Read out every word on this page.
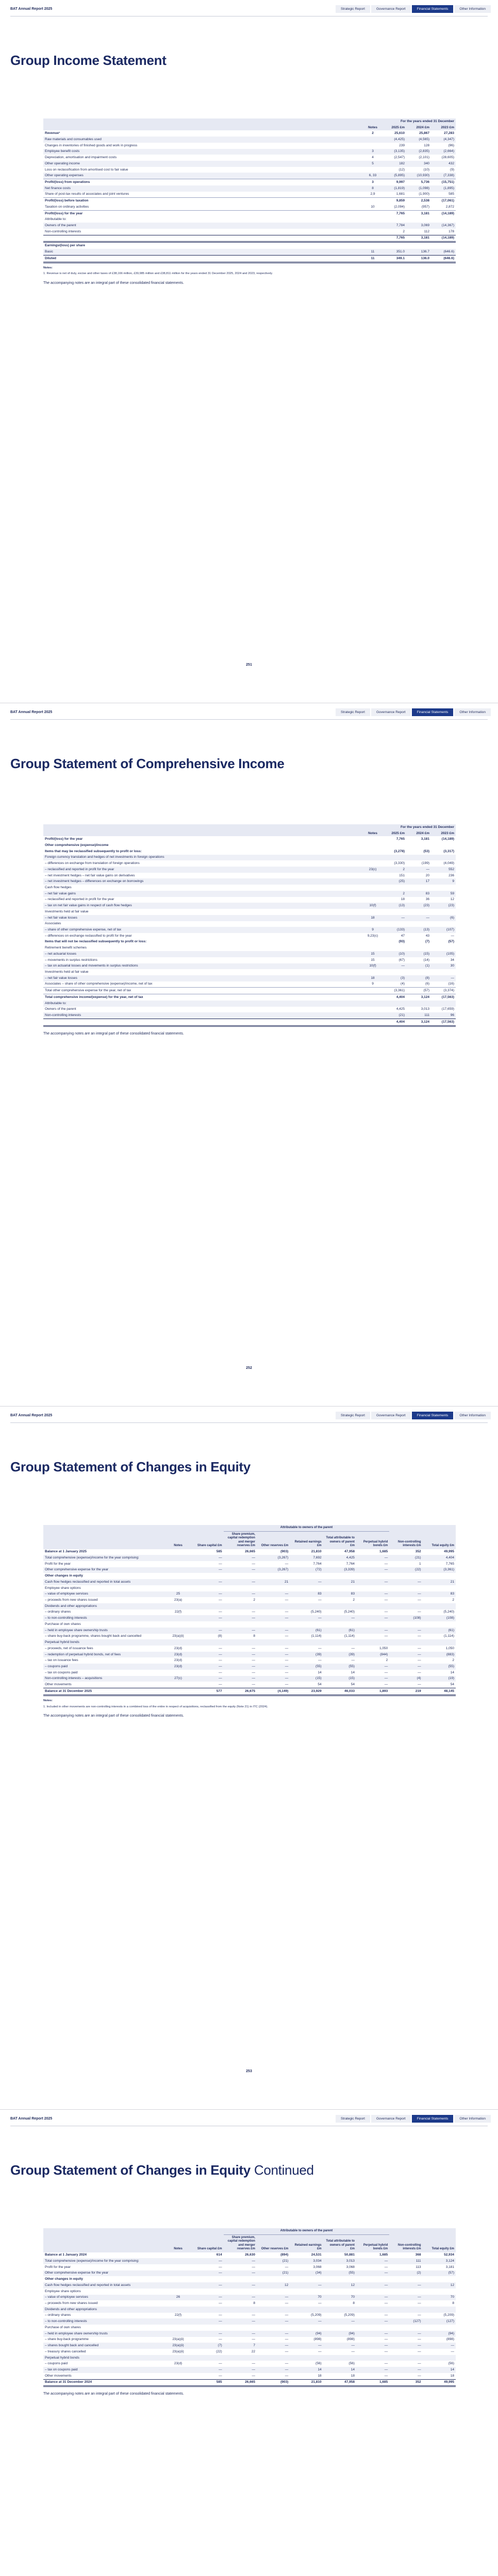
BAT Annual Report 2025	Strategic Report	Governance Report	Financial Statements	Other Information
Group Income Statement
		For the years ended 31 December		
	Notes	2025 £m	2024 £m	2023 £m
Revenue¹	2	25,610	25,867	27,283
Raw materials and consumables used		(4,425)	(4,565)	(4,347)
Changes in inventories of finished goods and work in progress		239	128	(96)
Employee benefit costs	3	(3,135)	(2,835)	(2,664)
Depreciation, amortisation and impairment costs	4	(2,547)	(2,101)	(28,605)
Other operating income	5	182	340	432
Loss on reclassification from amortised cost to fair value		(12)	(10)	(9)
Other operating expenses	6, 33	(5,895)	(10,930)	(7,338)
Profit/(loss) from operations	3	9,997	5,736	(15,751)
Net finance costs	8	(1,819)	(1,098)	(1,895)
Share of post-tax results of associates and joint ventures	2,9	1,681	(1,900)	585
Profit/(loss) before taxation		9,859	2,538	(17,061)
Taxation on ordinary activities	10	(2,094)	(957)	2,872
Profit/(loss) for the year		7,765	3,181	(14,189)
Attributable to:				
Owners of the parent		7,784	3,069	(14,367)
Non-controlling interests		2	112	178
		7,765	3,181	(14,189)
Earnings/(loss) per share				
Basic	11	351.0	136.7	(646.6)
Diluted	11	349.1	136.0	(646.6)
Notes:
1. Revenue is net of duty, excise and other taxes of £38,166 million, £39,985 million and £38,811 million for the years ended 31 December 2025, 2024 and 2023, respectively.
The accompanying notes are an integral part of these consolidated financial statements.
251
BAT Annual Report 2025	Strategic Report	Governance Report	Financial Statements	Other Information
Group Statement of Comprehensive Income
		For the years ended 31 December		
	Notes	2025 £m	2024 £m	2023 £m
Profit/(loss) for the year		7,765	3,181	(14,189)
Other comprehensive (expense)/income				
Items that may be reclassified subsequently to profit or loss:		(3,278)	(53)	(3,317)
Foreign currency translation and hedges of net investments in foreign operations				
– differences on exchange from translation of foreign operations		(3,330)	(199)	(4,049)
– reclassified and reported in profit for the year	23(c)	2	—	552
– net investment hedges – net fair value gains on derivatives		151	20	236
– net investment hedges – differences on exchange on borrowings		(25)	17	9
Cash flow hedges				
– net fair value gains		2	83	59
– reclassified and reported in profit for the year		18	36	12
– tax on net fair value gains in respect of cash flow hedges	10(f)	(13)	(23)	(23)
Investments held at fair value				
– net fair value losses	18	—	—	(6)
Associates				
– share of other comprehensive expense, net of tax	9	(133)	(13)	(107)
– differences on exchange reclassified to profit for the year	9,23(c)	47	43	—
Items that will not be reclassified subsequently to profit or loss:		(93)	(7)	(57)
Retirement benefit schemes				
– net actuarial losses	15	(10)	(15)	(105)
– movements in surplus restrictions	15	(67)	(14)	34
– tax on actuarial losses and movements in surplus restrictions	10(f)	—	(1)	30
Investments held at fair value				
– net fair value losses	18	(3)	(8)	—
Associates – share of other comprehensive (expense)/income, net of tax	9	(4)	(6)	(16)
Total other comprehensive expense for the year, net of tax		(3,361)	(57)	(3,374)
Total comprehensive income/(expense) for the year, net of tax		4,404	3,124	(17,563)
Attributable to:				
Owners of the parent		4,425	3,013	(17,659)
Non-controlling interests		(21)	111	96
		4,404	3,124	(17,563)
The accompanying notes are an integral part of these consolidated financial statements.
252
BAT Annual Report 2025	Strategic Report	Governance Report	Financial Statements	Other Information
Group Statement of Changes in Equity
			Attributable to owners of the parent						
	Notes	Share capital £m	Share premium, capital redemption and merger reserves £m	Other reserves £m	Retained earnings £m	Total attributable to owners of parent £m	Perpetual hybrid bonds £m	Non-controlling interests £m	Total equity £m
Balance at 1 January 2025		585	26,665	(903)	21,810	47,958	1,685	352	49,995
Total comprehensive (expense)/income for the year comprising:		—	—	(3,267)	7,692	4,425	—	(21)	4,404
Profit for the year		—	—	—	7,764	7,764	—	1	7,765
Other comprehensive expense for the year		—	—	(3,267)	(72)	(3,339)	—	(22)	(3,361)
Other changes in equity									
Cash flow hedges reclassified and reported in total assets		—	—	21	—	21	—	—	21
Employee share options									
– value of employee services	25	—	—	—	83	83	—	—	83
– proceeds from new shares issued	23(a)	—	2	—	—	2	—	—	2
Dividends and other appropriations									
– ordinary shares	22(f)	—	—	—	(5,240)	(5,240)	—	—	(5,240)
– to non-controlling interests		—	—	—	—	—	—	(108)	(108)
Purchase of own shares									
– held in employee share ownership trusts		—	—	—	(61)	(61)	—	—	(61)
– share buy-back programme, shares bought back and cancelled	23(a)(ii)	(8)	8	—	(1,114)	(1,114)	—	—	(1,114)
Perpetual hybrid bonds									
– proceeds, net of issuance fees	23(d)	—	—	—	—	—	1,050	—	1,050
– redemption of perpetual hybrid bonds, net of fees	23(d)	—	—	—	(39)	(39)	(844)	—	(883)
– tax on issuance fees	23(d)	—	—	—	—	—	2	—	2
– coupons paid	23(d)	—	—	—	(55)	(55)	—	—	(55)
– tax on coupons paid		—	—	—	14	14	—	—	14
Non-controlling interests – acquisitions	27(c)	—	—	—	(15)	(15)	—	(4)	(19)
Other movements		—	—	—	54	54	—	—	54
Balance at 31 December 2025		577	26,675	(4,149)	23,929	46,033	1,893	219	48,145
Notes:
1. Included in other movements are non-controlling interests in a combined loss of the entire in respect of acquisitions, reclassified from the equity (Note 21) in ITC (2024).
The accompanying notes are an integral part of these consolidated financial statements.
253
BAT Annual Report 2025	Strategic Report	Governance Report	Financial Statements	Other Information
Group Statement of Changes in Equity Continued
			Attributable to owners of the parent						
	Notes	Share capital £m	Share premium, capital redemption and merger reserves £m	Other reserves £m	Retained earnings £m	Total attributable to owners of parent £m	Perpetual hybrid bonds £m	Non-controlling interests £m	Total equity £m
Balance at 1 January 2024		614	26,630	(894)	24,531	50,881	1,685	368	52,934
Total comprehensive (expense)/income for the year comprising:		—	—	(21)	3,034	3,013	—	111	3,124
Profit for the year		—	—	—	3,068	3,068	—	113	3,181
Other comprehensive expense for the year		—	—	(21)	(34)	(55)	—	(2)	(57)
Other changes in equity									
Cash flow hedges reclassified and reported in total assets		—	—	12	—	12	—	—	12
Employee share options									
– value of employee services	26	—	—	—	70	70	—	—	70
– proceeds from new shares issued		—	8	—	—	8	—	—	8
Dividends and other appropriations									
– ordinary shares	22(f)	—	—	—	(5,209)	(5,209)	—	—	(5,209)
– to non-controlling interests		—	—	—	—	—	—	(127)	(127)
Purchase of own shares									
– held in employee share ownership trusts		—	—	—	(94)	(94)	—	—	(94)
– share buy-back programme	23(a)(ii)	—	—	—	(898)	(898)	—	—	(898)
– shares bought back and cancelled	23(a)(ii)	(7)	7	—	—	—	—	—	—
– treasury shares cancelled	23(a)(ii)	(22)	22	—	—	—	—	—	—
Perpetual hybrid bonds									
– coupons paid	23(d)	—	—	—	(56)	(56)	—	—	(56)
– tax on coupons paid		—	—	—	14	14	—	—	14
Other movements		—	—	—	18	18	—	—	18
Balance at 31 December 2024		585	26,665	(903)	21,810	47,958	1,685	352	49,995
The accompanying notes are an integral part of these consolidated financial statements.
